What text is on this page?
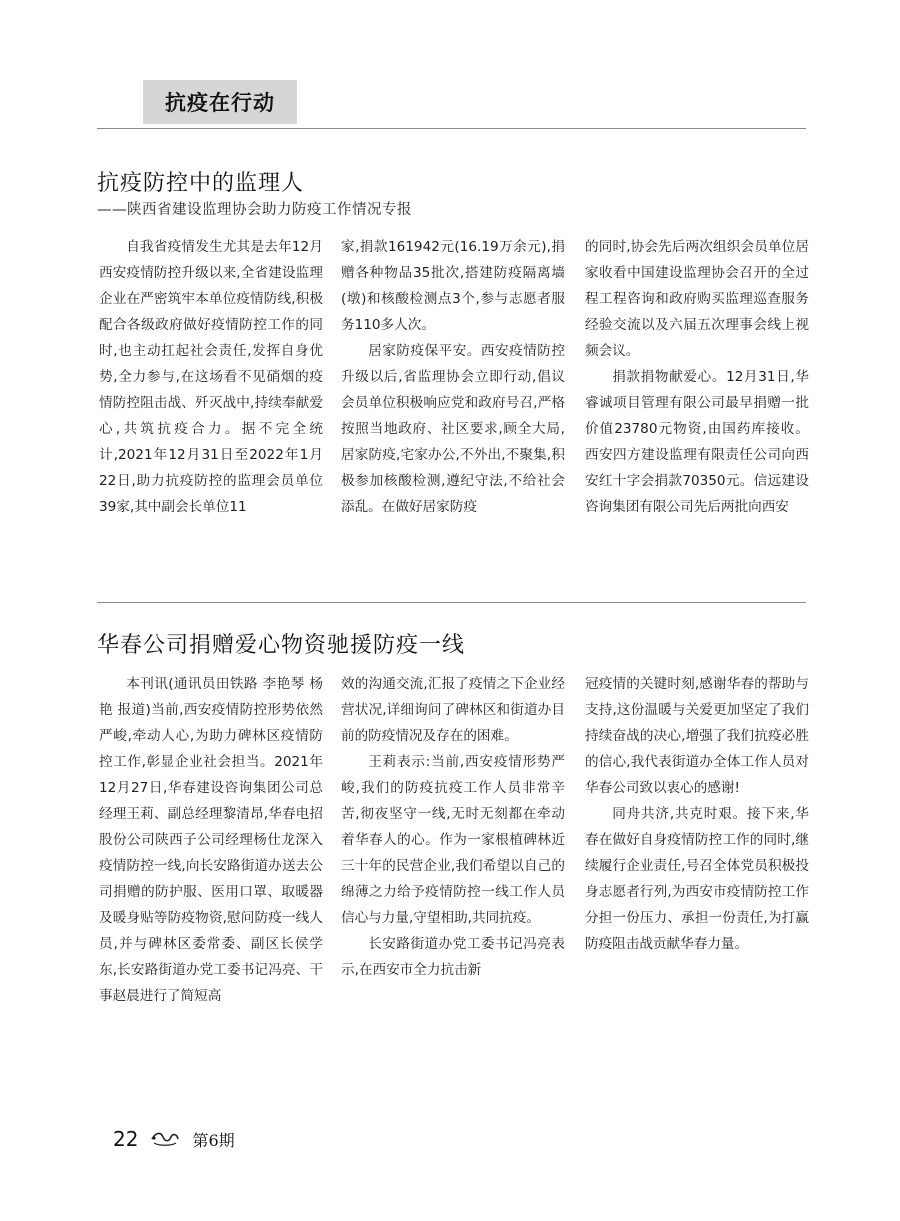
抗疫在行动
抗疫防控中的监理人
——陕西省建设监理协会助力防疫工作情况专报

自我省疫情发生尤其是去年12月西安疫情防控升级以来,全省建设监理企业在严密筑牢本单位疫情防线,积极配合各级政府做好疫情防控工作的同时,也主动扛起社会责任,发挥自身优势,全力参与,在这场看不见硝烟的疫情防控阻击战、歼灭战中,持续奉献爱心,共筑抗疫合力。据不完全统计,2021年12月31日至2022年1月22日,助力抗疫防控的监理会员单位39家,其中副会长单位11

家,捐款161942元(16.19万余元),捐赠各种物品35批次,搭建防疫隔离墙(墩)和核酸检测点3个,参与志愿者服务110多人次。

居家防疫保平安。西安疫情防控升级以后,省监理协会立即行动,倡议会员单位积极响应党和政府号召,严格按照当地政府、社区要求,顾全大局,居家防疫,宅家办公,不外出,不聚集,积极参加核酸检测,遵纪守法,不给社会添乱。在做好居家防疫

的同时,协会先后两次组织会员单位居家收看中国建设监理协会召开的全过程工程咨询和政府购买监理巡查服务经验交流以及六届五次理事会线上视频会议。

捐款捐物献爱心。12月31日,华睿诚项目管理有限公司最早捐赠一批价值23780元物资,由国药库接收。西安四方建设监理有限责任公司向西安红十字会捐款70350元。信远建设咨询集团有限公司先后两批向西安

华春公司捐赠爱心物资驰援防疫一线

本刊讯(通讯员田铁路 李艳琴 杨艳 报道)当前,西安疫情防控形势依然严峻,牵动人心,为助力碑林区疫情防控工作,彰显企业社会担当。2021年12月27日,华春建设咨询集团公司总经理王莉、副总经理黎清昂,华春电招股份公司陕西子公司经理杨仕龙深入疫情防控一线,向长安路街道办送去公司捐赠的防护服、医用口罩、取暖器及暖身贴等防疫物资,慰问防疫一线人员,并与碑林区委常委、副区长侯学东,长安路街道办党工委书记冯亮、干事赵晨进行了简短高

效的沟通交流,汇报了疫情之下企业经营状况,详细询问了碑林区和街道办目前的防疫情况及存在的困难。

王莉表示:当前,西安疫情形势严峻,我们的防疫抗疫工作人员非常辛苦,彻夜坚守一线,无时无刻都在牵动着华春人的心。作为一家根植碑林近三十年的民营企业,我们希望以自己的绵薄之力给予疫情防控一线工作人员信心与力量,守望相助,共同抗疫。

长安路街道办党工委书记冯亮表示,在西安市全力抗击新

冠疫情的关键时刻,感谢华春的帮助与支持,这份温暖与关爱更加坚定了我们持续奋战的决心,增强了我们抗疫必胜的信心,我代表街道办全体工作人员对华春公司致以衷心的感谢!

同舟共济,共克时艰。接下来,华春在做好自身疫情防控工作的同时,继续履行企业责任,号召全体党员积极投身志愿者行列,为西安市疫情防控工作分担一份压力、承担一份责任,为打赢防疫阻击战贡献华春力量。

22	第6期
